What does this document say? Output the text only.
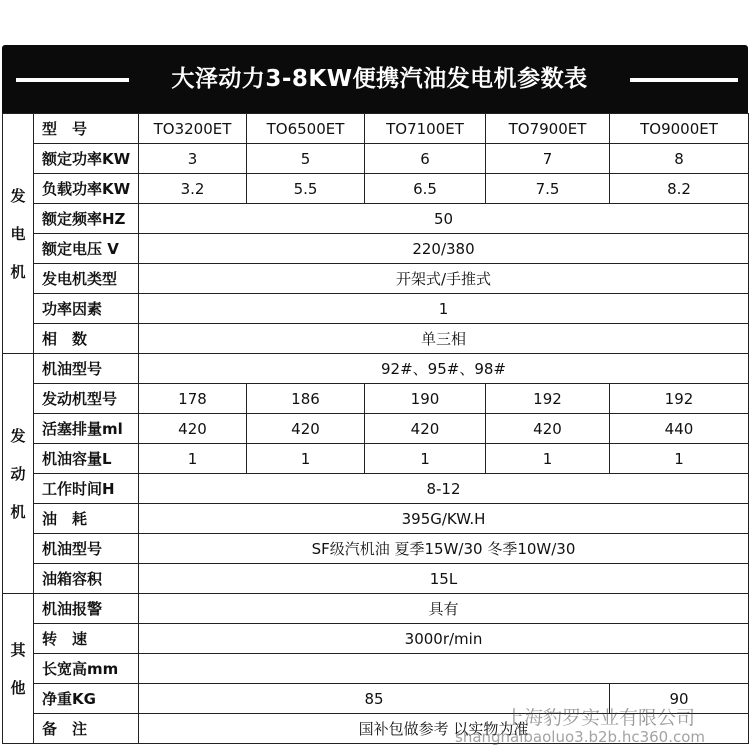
大泽动力3-8KW便携汽油发电机参数表
发
电
机	型　号	TO3200ET	TO6500ET	TO7100ET	TO7900ET	TO9000ET
	额定功率KW	3	5	6	7	8
	负载功率KW	3.2	5.5	6.5	7.5	8.2
	额定频率HZ	50				
	额定电压 V	220/380				
	发电机类型	开架式/手推式				
	功率因素	1				
	相　数	单三相				

发
动
机	机油型号	92#、95#、98#				
	发动机型号	178	186	190	192	192
	活塞排量ml	420	420	420	420	440
	机油容量L	1	1	1	1	1
	工作时间H	8-12				
	油　耗	395G/KW.H				
	机油型号	SF级汽机油 夏季15W/30 冬季10W/30				
	油箱容积	15L				

其
他	机油报警	具有				
	转　速	3000r/min				
	长宽高mm					
	净重KG	85				90
	备　注	国补包做参考 以实物为准				
上海豹罗实业有限公司
shanghaibaoluo3.b2b.hc360.com
